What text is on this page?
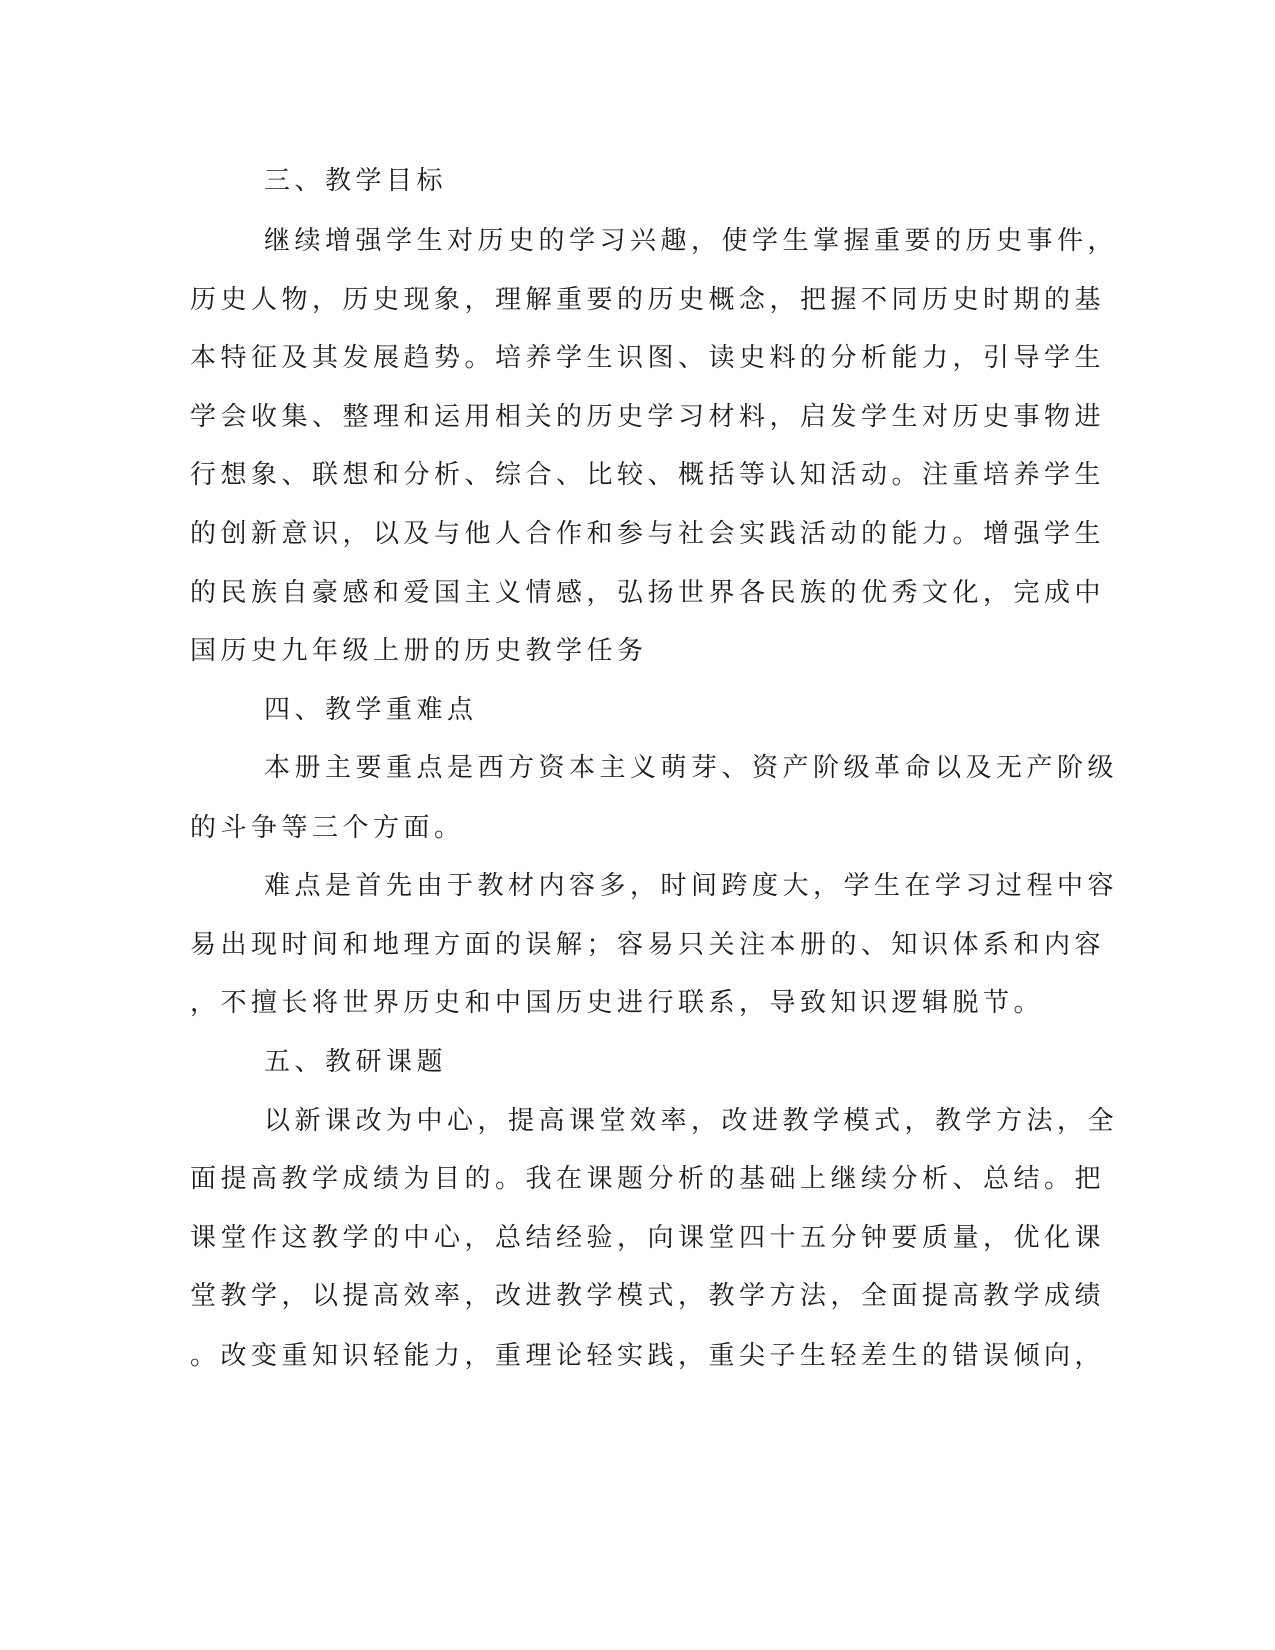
三、教学目标
继续增强学生对历史的学习兴趣，使学生掌握重要的历史事件，
历史人物，历史现象，理解重要的历史概念，把握不同历史时期的基
本特征及其发展趋势。培养学生识图、读史料的分析能力，引导学生
学会收集、整理和运用相关的历史学习材料，启发学生对历史事物进
行想象、联想和分析、综合、比较、概括等认知活动。注重培养学生
的创新意识，以及与他人合作和参与社会实践活动的能力。增强学生
的民族自豪感和爱国主义情感，弘扬世界各民族的优秀文化，完成中
国历史九年级上册的历史教学任务
四、教学重难点
本册主要重点是西方资本主义萌芽、资产阶级革命以及无产阶级
的斗争等三个方面。
难点是首先由于教材内容多，时间跨度大，学生在学习过程中容
易出现时间和地理方面的误解；容易只关注本册的、知识体系和内容
，不擅长将世界历史和中国历史进行联系，导致知识逻辑脱节。
五、教研课题
以新课改为中心，提高课堂效率，改进教学模式，教学方法，全
面提高教学成绩为目的。我在课题分析的基础上继续分析、总结。把
课堂作这教学的中心，总结经验，向课堂四十五分钟要质量，优化课
堂教学，以提高效率，改进教学模式，教学方法，全面提高教学成绩
。改变重知识轻能力，重理论轻实践，重尖子生轻差生的错误倾向，
